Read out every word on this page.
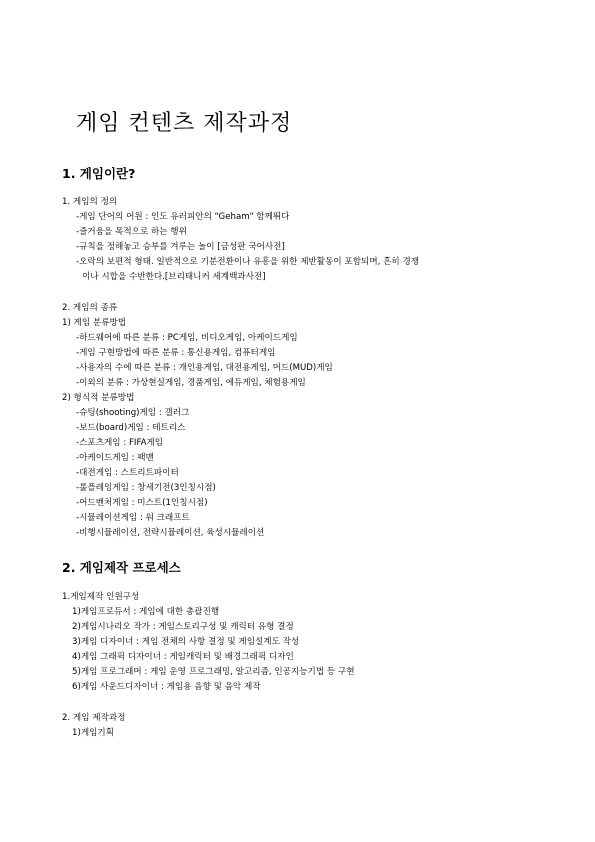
게임 컨텐츠 제작과정
1. 게임이란?
1. 게임의 정의
-게임 단어의 어원 : 인도 유러피안의 "Geham" 함께뛰다
-즐거움을 목적으로 하는 행위
-규칙을 정해놓고 승부를 겨루는 놀이 [금성판 국어사전]
-오락의 보편적 형태. 일반적으로 기분전환이나 유흥을 위한 제반활동이 포함되며, 흔히 경쟁
이나 시합을 수반한다.[브리태니커 세계백과사전]
2. 게임의 종류
1) 게임 분류방법
-하드웨어에 따른 분류 : PC게임, 비디오게임, 아케이드게임
-게임 구현방법에 따른 분류 : 통신용게임, 컴퓨터게임
-사용자의 수에 따른 분류 : 개인용게임, 대전용게임, 머드(MUD)게임
-이외의 분류 : 가상현실게임, 경품게임, 에듀게임, 체험용게임
2) 형식적 분류방법
-슈팅(shooting)게임 : 갤러그
-보드(board)게임 : 테트리스
-스포츠게임 : FIFA게임
-아케이드게임 : 팩맨
-대전게임 : 스트리트파이터
-롤플레잉게임 : 창세기전(3인칭시점)
-어드벤처게임 : 미스트(1인칭시점)
-시뮬레이션게임 : 워 크래프트
-비행시뮬레이션, 전략시뮬레이션, 육성시뮬레이션
2. 게임제작 프로세스
1.게임제작 인원구성
1)게임프로듀서 : 게임에 대한 총괄진행
2)게임시나리오 작가 : 게임스토리구성 및 캐릭터 유형 결정
3)게임 디자이너 : 게임 전체의 사항 결정 및 게임설계도 작성
4)게임 그래픽 디자이너 : 게임캐릭터 및 배경그래픽 디자인
5)게임 프로그래머 : 게임 운영 프로그래밍, 알고리즘, 인공지능기법 등 구현
6)게임 사운드디자이너 : 게임용 음향 및 음악 제작
2. 게임 제작과정
1)게임기획
